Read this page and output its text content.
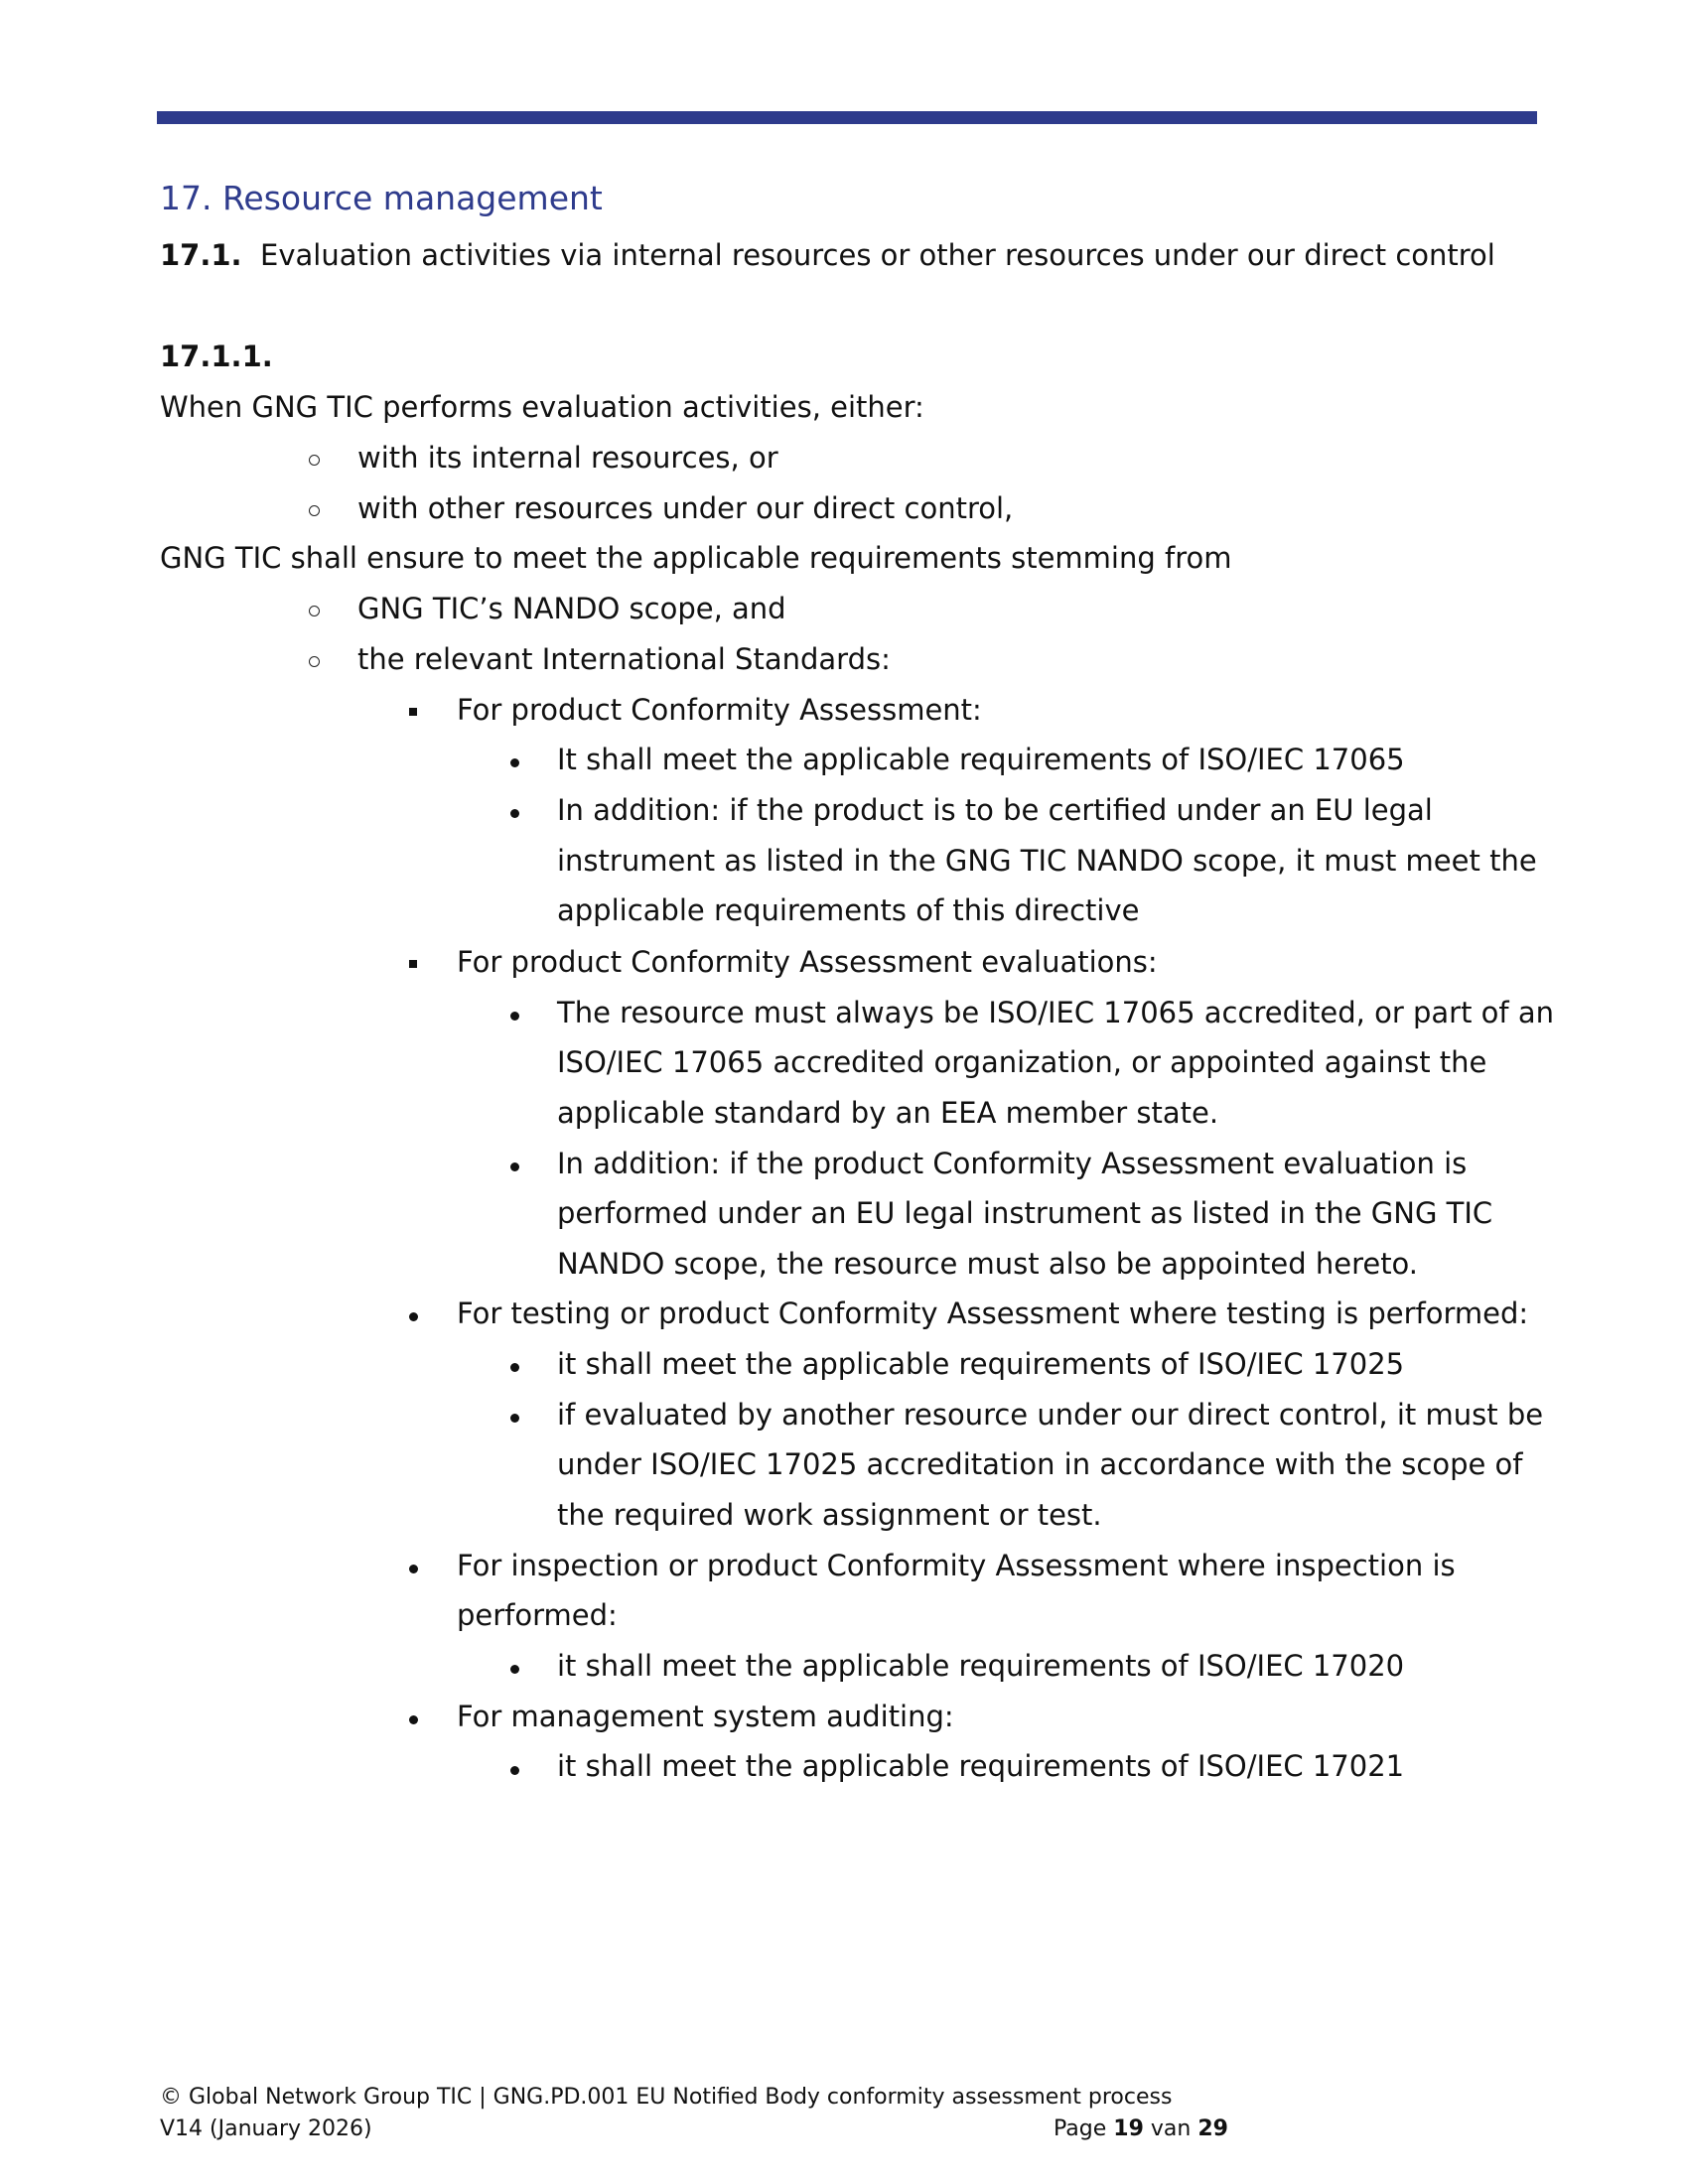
17. Resource management
17.1. Evaluation activities via internal resources or other resources under our direct control
17.1.1.
When GNG TIC performs evaluation activities, either:
with its internal resources, or
with other resources under our direct control,
GNG TIC shall ensure to meet the applicable requirements stemming from
GNG TIC’s NANDO scope, and
the relevant International Standards:
For product Conformity Assessment:
It shall meet the applicable requirements of ISO/IEC 17065
In addition: if the product is to be certified under an EU legal
instrument as listed in the GNG TIC NANDO scope, it must meet the
applicable requirements of this directive
For product Conformity Assessment evaluations:
The resource must always be ISO/IEC 17065 accredited, or part of an
ISO/IEC 17065 accredited organization, or appointed against the
applicable standard by an EEA member state.
In addition: if the product Conformity Assessment evaluation is
performed under an EU legal instrument as listed in the GNG TIC
NANDO scope, the resource must also be appointed hereto.
For testing or product Conformity Assessment where testing is performed:
it shall meet the applicable requirements of ISO/IEC 17025
if evaluated by another resource under our direct control, it must be
under ISO/IEC 17025 accreditation in accordance with the scope of
the required work assignment or test.
For inspection or product Conformity Assessment where inspection is
performed:
it shall meet the applicable requirements of ISO/IEC 17020
For management system auditing:
it shall meet the applicable requirements of ISO/IEC 17021
© Global Network Group TIC | GNG.PD.001 EU Notified Body conformity assessment process
V14 (January 2026)	Page 19 van 29
